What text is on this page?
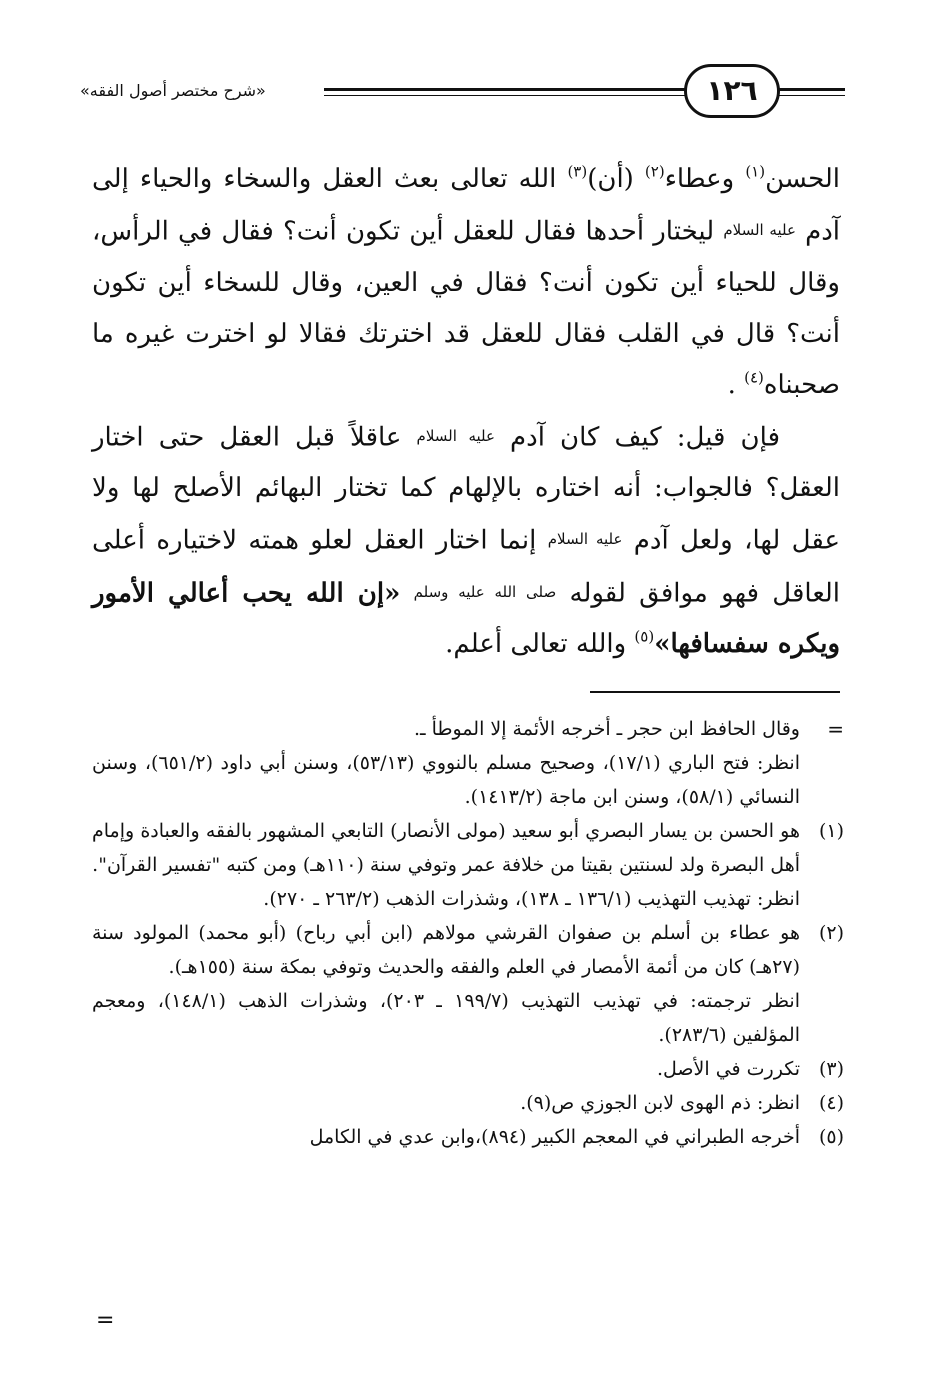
«شرح مختصر أصول الفقه»	١٢٦

الحسن$^{(١)}$ وعطاء$^{(٢)}$ (أن)$^{(٣)}$ الله تعالى بعث العقل والسخاء والحياء إلى آدم عليه السلام ليختار أحدها فقال للعقل أين تكون أنت؟ فقال في الرأس، وقال للحياء أين تكون أنت؟ فقال في العين، وقال للسخاء أين تكون أنت؟ قال في القلب فقال للعقل قد اخترتك فقالا لو اخترت غيره ما صحبناه$^{(٤)}$ .

فإن قيل: كيف كان آدم عليه السلام عاقلاً قبل العقل حتى اختار العقل؟ فالجواب: أنه اختاره بالإلهام كما تختار البهائم الأصلح لها ولا عقل لها، ولعل آدم عليه السلام إنما اختار العقل لعلو همته لاختياره أعلى العاقل فهو موافق لقوله صلى الله عليه وسلم «إن الله يحب أعالي الأمور ويكره سفسافها»$^{(٥)}$ والله تعالى أعلم.

=

وقال الحافظ ابن حجر ـ أخرجه الأئمة إلا الموطأ ـ.

انظر: فتح الباري (١٧/١)، وصحيح مسلم بالنووي (٥٣/١٣)، وسنن أبي داود (٦٥١/٢)، وسنن النسائي (٥٨/١)، وسنن ابن ماجة (١٤١٣/٢).

(١)

هو الحسن بن يسار البصري أبو سعيد (مولى الأنصار) التابعي المشهور بالفقه والعبادة وإمام أهل البصرة ولد لسنتين بقيتا من خلافة عمر وتوفي سنة (١١٠هـ) ومن كتبه "تفسير القرآن".

انظر: تهذيب التهذيب (١٣٦/١ ـ ١٣٨)، وشذرات الذهب (٢٦٣/٢ ـ ٢٧٠).

(٢)

هو عطاء بن أسلم بن صفوان القرشي مولاهم (ابن أبي رباح) (أبو محمد) المولود سنة (٢٧هـ) كان من أئمة الأمصار في العلم والفقه والحديث وتوفي بمكة سنة (١٥٥هـ).

انظر ترجمته: في تهذيب التهذيب (١٩٩/٧ ـ ٢٠٣)، وشذرات الذهب (١٤٨/١)، ومعجم المؤلفين (٢٨٣/٦).

(٣)

تكررت في الأصل.

(٤)

انظر: ذم الهوى لابن الجوزي ص(٩).

(٥)

أخرجه الطبراني في المعجم الكبير (٨٩٤)،وابن عدي في الكامل

=
